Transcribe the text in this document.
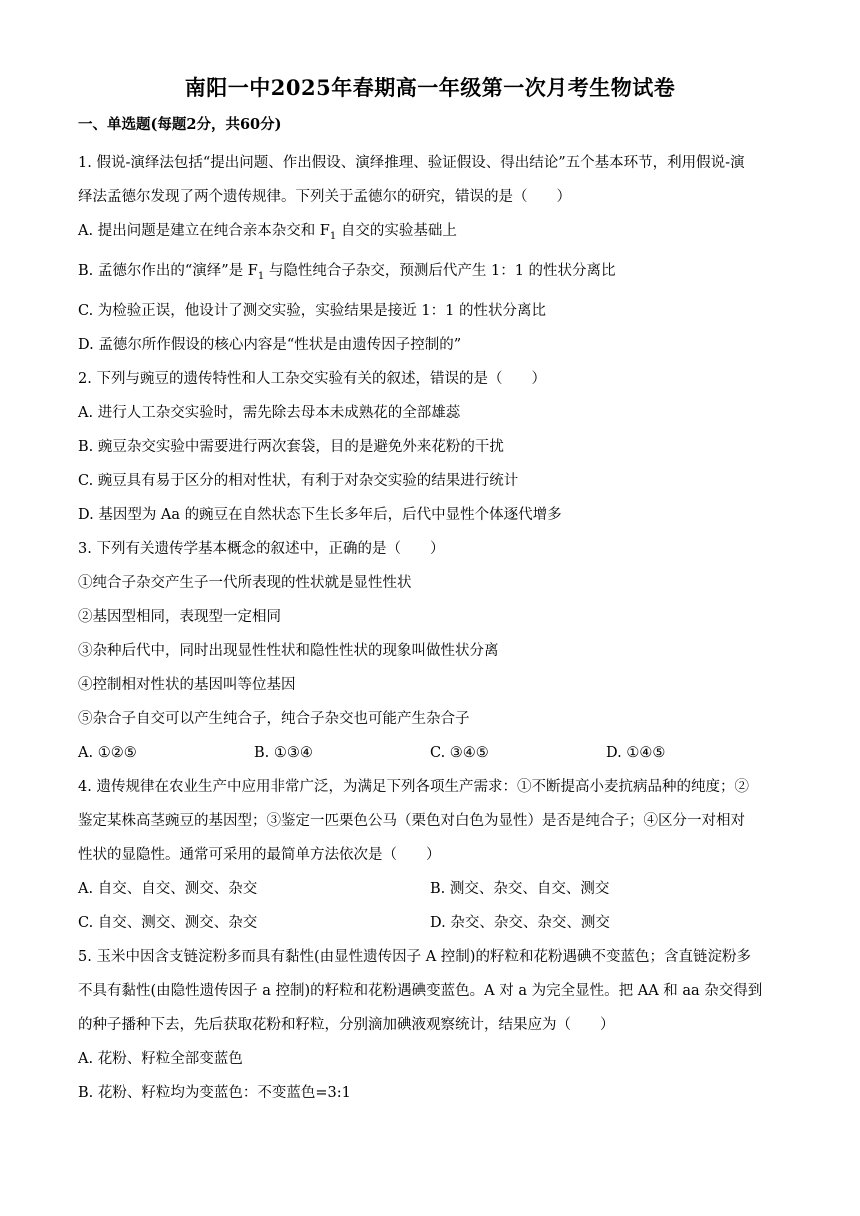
南阳一中2025年春期高一年级第一次月考生物试卷
一、单选题(每题2分，共60分)
1. 假说-演绎法包括“提出问题、作出假设、演绎推理、验证假设、得出结论”五个基本环节，利用假说-演
绎法孟德尔发现了两个遗传规律。下列关于孟德尔的研究，错误的是（　　）
A. 提出问题是建立在纯合亲本杂交和 $F_1$ 自交的实验基础上
B. 孟德尔作出的“演绎”是 $F_1$ 与隐性纯合子杂交，预测后代产生 1：1 的性状分离比
C. 为检验正误，他设计了测交实验，实验结果是接近 1：1 的性状分离比
D. 孟德尔所作假设的核心内容是“性状是由遗传因子控制的”
2. 下列与豌豆的遗传特性和人工杂交实验有关的叙述，错误的是（　　）
A. 进行人工杂交实验时，需先除去母本未成熟花的全部雄蕊
B. 豌豆杂交实验中需要进行两次套袋，目的是避免外来花粉的干扰
C. 豌豆具有易于区分的相对性状，有利于对杂交实验的结果进行统计
D. 基因型为 Aa 的豌豆在自然状态下生长多年后，后代中显性个体逐代增多
3. 下列有关遗传学基本概念的叙述中，正确的是（　　）
①纯合子杂交产生子一代所表现的性状就是显性性状
②基因型相同，表现型一定相同
③杂种后代中，同时出现显性性状和隐性性状的现象叫做性状分离
④控制相对性状的基因叫等位基因
⑤杂合子自交可以产生纯合子，纯合子杂交也可能产生杂合子
A. ①②⑤	B. ①③④	C. ③④⑤	D. ①④⑤
4. 遗传规律在农业生产中应用非常广泛，为满足下列各项生产需求：①不断提高小麦抗病品种的纯度；②
鉴定某株高茎豌豆的基因型；③鉴定一匹栗色公马（栗色对白色为显性）是否是纯合子；④区分一对相对
性状的显隐性。通常可采用的最简单方法依次是（　　）
A. 自交、自交、测交、杂交	B. 测交、杂交、自交、测交
C. 自交、测交、测交、杂交	D. 杂交、杂交、杂交、测交
5. 玉米中因含支链淀粉多而具有黏性(由显性遗传因子 A 控制)的籽粒和花粉遇碘不变蓝色；含直链淀粉多
不具有黏性(由隐性遗传因子 a 控制)的籽粒和花粉遇碘变蓝色。A 对 a 为完全显性。把 AA 和 aa 杂交得到
的种子播种下去，先后获取花粉和籽粒，分别滴加碘液观察统计，结果应为（　　）
A. 花粉、籽粒全部变蓝色
B. 花粉、籽粒均为变蓝色：不变蓝色=3:1
